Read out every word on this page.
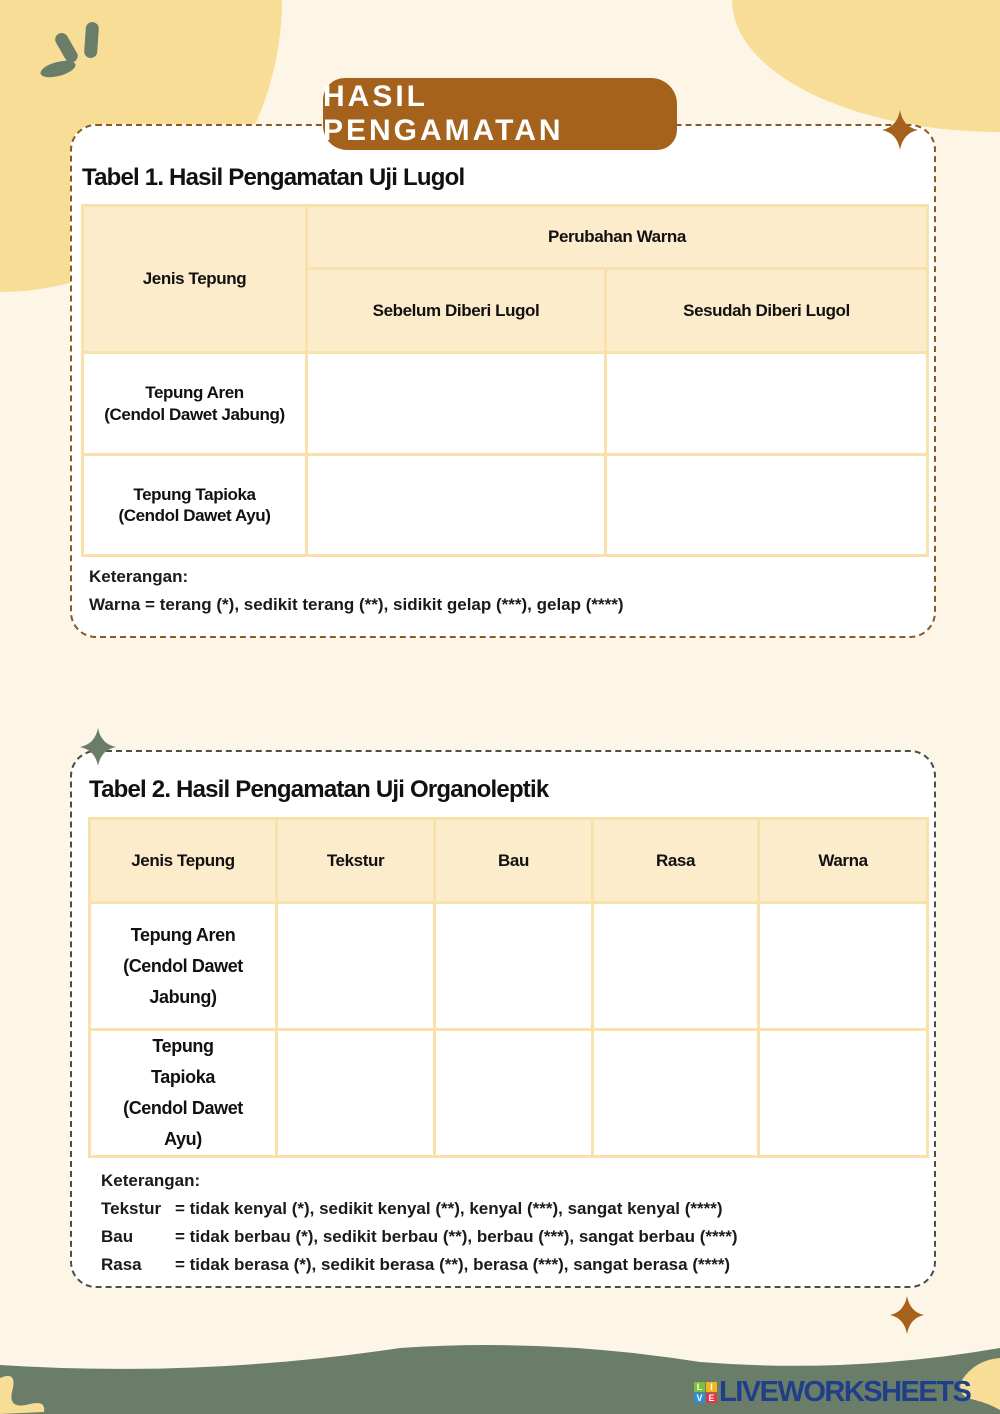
HASIL PENGAMATAN
Tabel 1. Hasil Pengamatan Uji Lugol
Jenis Tepung	Perubahan Warna	
	Sebelum Diberi Lugol	Sesudah Diberi Lugol
Tepung Aren
(Cendol Dawet Jabung)		
Tepung Tapioka
(Cendol Dawet Ayu)		
Keterangan:
Warna = terang (*), sedikit terang (**), sidikit gelap (***), gelap (****)
Tabel 2. Hasil Pengamatan Uji Organoleptik
Jenis Tepung	Tekstur	Bau	Rasa	Warna
Tepung Aren (Cendol Dawet Jabung)				
Tepung Tapioka (Cendol Dawet Ayu)				
Keterangan:
Tekstur = tidak kenyal (*), sedikit kenyal (**), kenyal (***), sangat kenyal (****)
Bau = tidak berbau (*), sedikit berbau (**), berbau (***), sangat berbau (****)
Rasa = tidak berasa (*), sedikit berasa (**), berasa (***), sangat berasa (****)
L I
V E LIVEWORKSHEETS
